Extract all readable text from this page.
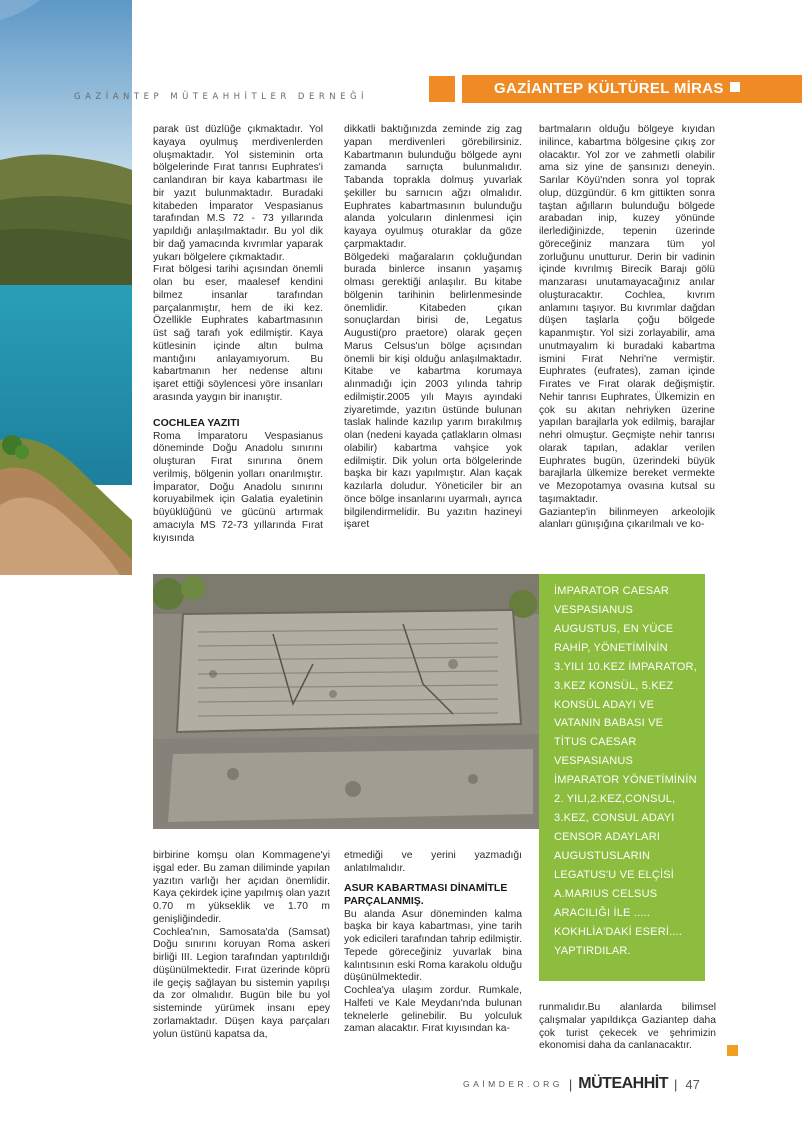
GAZİANTEP MÜTEAHHİTLER DERNEĞİ	GAZİANTEP KÜLTÜREL MİRAS

parak üst düzlüğe çıkmaktadır. Yol kayaya oyulmuş merdivenlerden oluşmaktadır. Yol sisteminin orta bölgelerinde Fırat tanrısı Euphrates'i canlandıran bir kaya kabartması ile bir yazıt bulunmaktadır. Buradaki kitabeden İmparator Vespasianus tarafından M.S 72 - 73 yıllarında yapıldığı anlaşılmaktadır. Bu yol dik bir dağ yamacında kıvrımlar yaparak yukarı bölgelere çıkmaktadır.

Fırat bölgesi tarihi açısından önemli olan bu eser, maalesef kendini bilmez insanlar tarafından parçalanmıştır, hem de iki kez. Özellikle Euphrates kabartmasının üst sağ tarafı yok edilmiştir. Kaya kütlesinin içinde altın bulma mantığını anlayamıyorum. Bu kabartmanın her nedense altını işaret ettiği söylencesi yöre insanları arasında yaygın bir inanıştır.

COCHLEA YAZITI

Roma İmparatoru Vespasianus döneminde Doğu Anadolu sınırını oluşturan Fırat sınırına önem verilmiş, bölgenin yolları onarılmıştır. İmparator, Doğu Anadolu sınırını koruyabilmek için Galatia eyaletinin büyüklüğünü ve gücünü artırmak amacıyla MS 72-73 yıllarında Fırat kıyısında

dikkatli baktığınızda zeminde zig zag yapan merdivenleri görebilirsiniz. Kabartmanın bulunduğu bölgede aynı zamanda sarnıçta bulunmalıdır. Tabanda toprakla dolmuş yuvarlak şekiller bu sarnıcın ağzı olmalıdır. Euphrates kabartmasının bulunduğu alanda yolcuların dinlenmesi için kayaya oyulmuş oturaklar da göze çarpmaktadır.

Bölgedeki mağaraların çokluğundan burada binlerce insanın yaşamış olması gerektiği anlaşılır. Bu kitabe bölgenin tarihinin belirlenmesinde önemlidir. Kitabeden çıkan sonuçlardan birisi de, Legatus Augusti(pro praetore) olarak geçen Marus Celsus'un bölge açısından önemli bir kişi olduğu anlaşılmaktadır. Kitabe ve kabartma korumaya alınmadığı için 2003 yılında tahrip edilmiştir.2005 yılı Mayıs ayındaki ziyaretimde, yazıtın üstünde bulunan taslak halinde kazılıp yarım bırakılmış olan (nedeni kayada çatlakların olması olabilir) kabartma vahşice yok edilmiştir. Dik yolun orta bölgelerinde başka bir kazı yapılmıştır. Alan kaçak kazılarla doludur. Yöneticiler bir an önce bölge insanlarını uyarmalı, ayrıca bilgilendirmelidir. Bu yazıtın hazineyi işaret

bartmaların olduğu bölgeye kıyıdan inilince, kabartma bölgesine çıkış zor olacaktır. Yol zor ve zahmetli olabilir ama siz yine de şansınızı deneyin. Sarılar Köyü'nden sonra yol toprak olup, düzgündür. 6 km gittikten sonra taştan ağılların bulunduğu bölgede arabadan inip, kuzey yönünde ilerlediğinizde, tepenin üzerinde göreceğiniz manzara tüm yol zorluğunu unutturur. Derin bir vadinin içinde kıvrılmış Birecik Barajı gölü manzarası unutamayacağınız anılar oluşturacaktır. Cochlea, kıvrım anlamını taşıyor. Bu kıvrımlar dağdan düşen taşlarla çoğu bölgede kapanmıştır. Yol sizi zorlayabilir, ama unutmayalım ki buradaki kabartma ismini Fırat Nehri'ne vermiştir. Euphrates (eufrates), zaman içinde Fırates ve Fırat olarak değişmiştir. Nehir tanrısı Euphrates, Ülkemizin en çok su akıtan nehriyken üzerine yapılan barajlarla yok edilmiş, barajlar nehri olmuştur. Geçmişte nehir tanrısı olarak tapılan, adaklar verilen Euphrates bugün, üzerindeki büyük barajlarla ülkemize bereket vermekte ve Mezopotamya ovasına kutsal su taşımaktadır.

Gaziantep'in bilinmeyen arkeolojik alanları günışığına çıkarılmalı ve ko-

İMPARATOR CAESAR VESPASIANUS AUGUSTUS, EN YÜCE RAHİP, YÖNETİMİNİN 3.YILI 10.KEZ İMPARATOR, 3.KEZ KONSÜL, 5.KEZ KONSÜL ADAYI VE VATANIN BABASI VE TİTUS CAESAR VESPASIANUS İMPARATOR YÖNETİMİNİN 2. YILI,2.KEZ,CONSUL, 3.KEZ, CONSUL ADAYI CENSOR ADAYLARI AUGUSTUSLARIN LEGATUS'U VE ELÇİSİ A.MARIUS CELSUS ARACILIĞI İLE ..... KOKHLİA'DAKİ ESERİ.... YAPTIRDILAR.

birbirine komşu olan Kommagene'yi işgal eder. Bu zaman diliminde yapılan yazıtın varlığı her açıdan önemlidir. Kaya çekirdek içine yapılmış olan yazıt 0.70 m yükseklik ve 1.70 m genişliğindedir.

Cochlea'nın, Samosata'da (Samsat) Doğu sınırını koruyan Roma askeri birliği III. Legion tarafından yaptırıldığı düşünülmektedir. Fırat üzerinde köprü ile geçiş sağlayan bu sistemin yapılışı da zor olmalıdır. Bugün bile bu yol sisteminde yürümek insanı epey zorlamaktadır. Düşen kaya parçaları yolun üstünü kapatsa da,

etmediği ve yerini yazmadığı anlatılmalıdır.

ASUR KABARTMASI DİNAMİTLE PARÇALANMIŞ.

Bu alanda Asur döneminden kalma başka bir kaya kabartması, yine tarih yok edicileri tarafından tahrip edilmiştir. Tepede göreceğiniz yuvarlak bina kalıntısının eski Roma karakolu olduğu düşünülmektedir.

Cochlea'ya ulaşım zordur. Rumkale, Halfeti ve Kale Meydanı'nda bulunan teknelerle gelinebilir. Bu yolculuk zaman alacaktır. Fırat kıyısından ka-

runmalıdır.Bu alanlarda bilimsel çalışmalar yapıldıkça Gaziantep daha çok turist çekecek ve şehrimizin ekonomisi daha da canlanacaktır.

GAİMDER.ORG | MÜTEAHHİT | 47
